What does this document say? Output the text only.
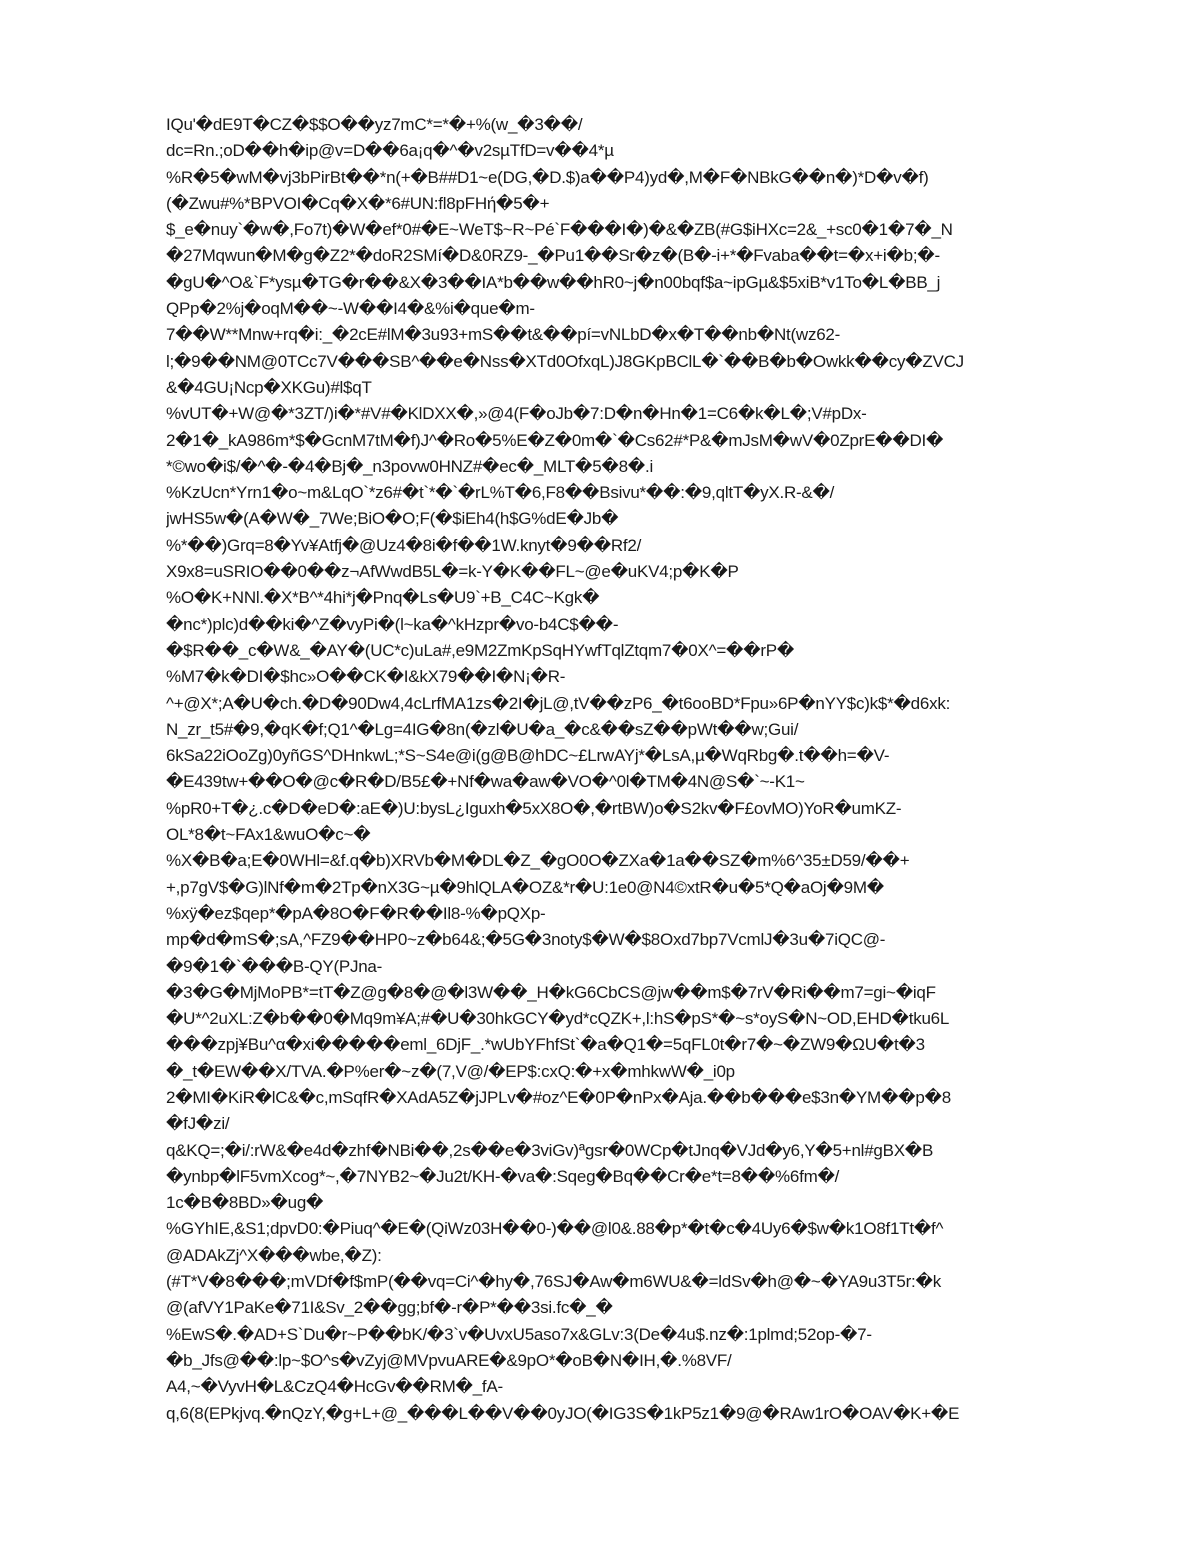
IQu'�dE9T�CZ�$$O��yz7mC*=*�+%(w_�3��/
dc=Rn.;oD��h�ip@v=D��6a¡q�^�v2sµTfD=v��4*µ
%R�5�wM�vj3bPirBt��*n(+�B##D1~e(DG,�D.$)a��P4)yd�,M�F�NBkG��n�)*D�v�f)
(�Zwu#%*BPVOI�Cq�X�*6#UN:fl8pFHή�5�+
$_e�nuy`�w�,Fo7t)�W�ef*0#�E~WeT$~R~Pé`F���I�)�&�ZB(#G$iHXc=2&_+sc0�1�7�_N
�27Mqwun�M�g�Z2*�doR2SMí�D&0RZ9-_�Pu1��Sr�z�(B�-i+*�Fvaba��t=�x+i�b;�-
�gU�^O&`F*ysµ�TG�r��&X�3��IA*b��w��hR0~j�n00bqf$a~ipGµ&$5xiB*v1To�L�BB_j
QPp�2%j�oqM��~-W��I4�&%i�que�m-
7��W**Mnw+rq�i:_�2cE#lM�3u93+mS��t&��pí=vNLbD�x�T��nb�Nt(wz62-
l;�9��NM@0TCc7V���SB^��e�Nss�XTd0OfxqL)J8GKpBClL�`��B�b�Owkk��cy�ZVCJ
&�4GU¡Ncp�XKGu)#l$qT
%vUT�+W@�*3ZT/)i�*#V#�KlDXX�,»@4(F�oJb�7:D�n�Hn�1=C6�k�L�;V#pDx-
2�1�_kA986m*$�GcnM7tM�f)J^�Ro�5%E�Z�0m�`�Cs62#*P&�mJsM�wV�0ZprE��DI�
*©wo�i$/�^�-�4�Bj�_n3povw0HNZ#�ec�_MLT�5�8�.i
%KzUcn*Yrn1�o~m&LqO`*z6#�t`*�`�rL%T�6,F8��Bsivu*��:�9,qltT�yX.R-&�/
jwHS5w�(A�W�_7We;BiO�O;F(�$iEh4(h$G%dE�Jb�
%*��)Grq=8�Yv¥Atfj�@Uz4�8i�f��1W.knyt�9��Rf2/
X9x8=uSRIO��0��z¬AfWwdB5L�=k-Y�K��FL~@e�uKV4;p�K�P
%O�K+NNl.�X*B^*4hi*j�Pnq�Ls�U9`+B_C4C~Kgk�
�nc*)plc)d��ki�^Z�vyPi�(l~ka�^kHzpr�vo-b4C$��-
�$R��_c�W&_�AY�(UC*c)uLa#,e9M2ZmKpSqHYwfTqlZtqm7�0X^=��rP�
%M7�k�DI�$hc»O��CK�I&kX79��I�N¡�R-
^+@X*;A�U�ch.�D�90Dw4,4cLrfMA1zs�2I�jL@,tV��zP6_�t6ooBD*Fpu»6P�nYY$c)k$*�d6xk:
N_zr_t5#�9,�qK�f;Q1^�Lg=4IG�8n(�zl�U�a_�c&��sZ��pWt��w;Gui/
6kSa22iOoZg)0yñGS^DHnkwL;*S~S4e@i(g@B@hDC~£LrwAYj*�LsA,µ�WqRbg�.t��h=�V-
�E439tw+��O�@c�R�D/B5£�+Nf�wa�aw�VO�^0l�TM�4N@S�`~-K1~
%pR0+T�¿.c�D�eD�:aE�)U:bysL¿Iguxh�5xX8O�,�rtBW)o�S2kv�F£ovMO)YoR�umKZ-
OL*8�t~FAx1&wuO�c~�
%X�B�a;E�0WHl=&f.q�b)XRVb�M�DL�Z_�gO0O�ZXa�1a��SZ�m%6^35±D59/��+
+,p7gV$�G)lNf�m�2Tp�nX3G~µ�9hlQLA�OZ&*r�U:1e0@N4©xtR�u�5*Q�aOj�9M�
%xÿ�ez$qep*�pA�8O�F�R��Il8-%�pQXp-
mp�d�mS�;sA,^FZ9��HP0~z�b64&;�5G�3noty$�W�$8Oxd7bp7VcmlJ�3u�7iQC@-
�9�1�`���B-QY(PJna-
�3�G�MjMoPB*=tT�Z@g�8�@�l3W��_H�kG6CbCS@jw��m$�7rV�Ri��m7=gi~�iqF
�U*^2uXL:Z�b��0�Mq9m¥A;#�U�30hkGCY�yd*cQZK+,l:hS�pS*�~s*oyS�N~OD,EHD�tku6L
���zpj¥Bu^α�xi�����eml_6DjF_.*wUbYFhfSt`�a�Q1�=5qFL0t�r7�~�ZW9�ΩU�t�3
�_t�EW��X/TVA.�P%er�~z�(7,V@/�EP$:cxQ:�+x�mhkwW�_i0p
2�MI�KiR�lC&�c,mSqfR�XAdA5Z�jJPLv�#oz^E�0P�nPx�Aja.��b���e$3n�YM��p�8
�fJ�zi/
q&KQ=;�i/:rW&�e4d�zhf�NBi��,2s��e�3viGv)ªgsr�0WCp�tJnq�VJd�y6,Y�5+nl#gBX�B
�ynbp�lF5vmXcog*~,�7NYB2~�Ju2t/KH-�va�:Sqeg�Bq��Cr�e*t=8��%6fm�/
1c�B�8BD»�ug�
%GYhIE,&S1;dpvD0:�Piuq^�E�(QiWz03H��0-)��@l0&.88�p*�t�c�4Uy6�$w�k1O8f1Tt�f^
@ADAkZj^X���wbe,�Z):
(#T*V�8���;mVDf�f$mP(��vq=Ci^�hy�,76SJ�Aw�m6WU&�=ldSv�h@�~�YA9u3T5r:�k
@(afVY1PaKe�71I&Sv_2��gg;bf�-r�P*��3si.fc�_�
%EwS�.�AD+S`Du�r~P��bK/�3`v�UvxU5aso7x&GLv:3(De�4u$.nz�:1plmd;52op-�7-
�b_Jfs@��:lp~$O^s�vZyj@MVpvuARE�&9pO*�oB�N�IH,�.%8VF/
A4,~�VyvH�L&CzQ4�HcGv��RM�_fA-
q,6(8(EPkjvq.�nQzY,�g+L+@_���L��V��0yJO(�IG3S�1kP5z1�9@�RAw1rO�OAV�K+�E
